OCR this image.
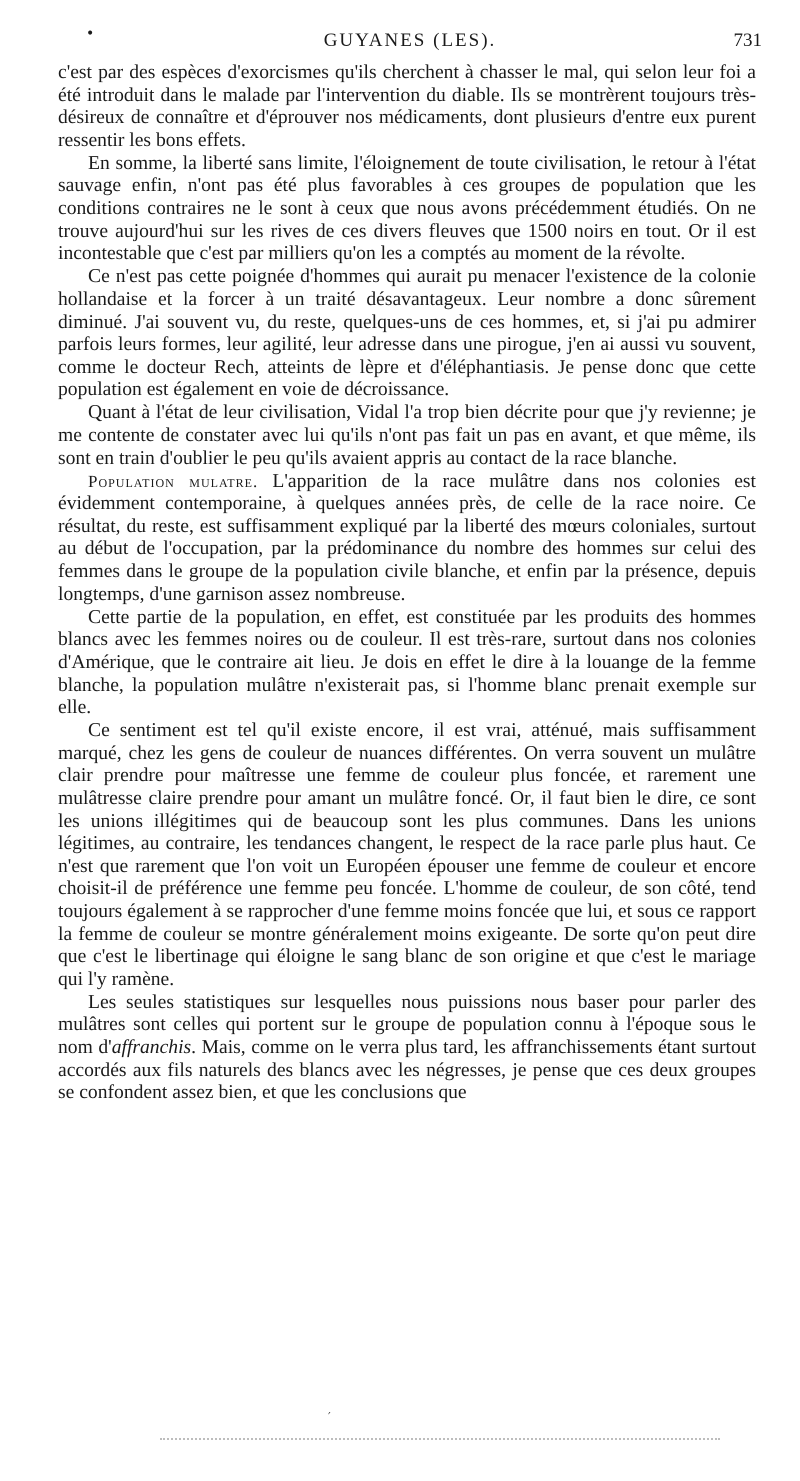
•	GUYANES (LES).	731

c'est par des espèces d'exorcismes qu'ils cherchent à chasser le mal, qui selon leur foi a été introduit dans le malade par l'intervention du diable. Ils se montrèrent toujours très-désireux de connaître et d'éprouver nos médicaments, dont plusieurs d'entre eux purent ressentir les bons effets.

En somme, la liberté sans limite, l'éloignement de toute civilisation, le retour à l'état sauvage enfin, n'ont pas été plus favorables à ces groupes de population que les conditions contraires ne le sont à ceux que nous avons précédemment étudiés. On ne trouve aujourd'hui sur les rives de ces divers fleuves que 1500 noirs en tout. Or il est incontestable que c'est par milliers qu'on les a comptés au moment de la révolte.

Ce n'est pas cette poignée d'hommes qui aurait pu menacer l'existence de la colonie hollandaise et la forcer à un traité désavantageux. Leur nombre a donc sûrement diminué. J'ai souvent vu, du reste, quelques-uns de ces hommes, et, si j'ai pu admirer parfois leurs formes, leur agilité, leur adresse dans une pirogue, j'en ai aussi vu souvent, comme le docteur Rech, atteints de lèpre et d'éléphantiasis. Je pense donc que cette population est également en voie de décroissance.

Quant à l'état de leur civilisation, Vidal l'a trop bien décrite pour que j'y revienne; je me contente de constater avec lui qu'ils n'ont pas fait un pas en avant, et que même, ils sont en train d'oublier le peu qu'ils avaient appris au contact de la race blanche.

Population mulatre. L'apparition de la race mulâtre dans nos colonies est évidemment contemporaine, à quelques années près, de celle de la race noire. Ce résultat, du reste, est suffisamment expliqué par la liberté des mœurs coloniales, surtout au début de l'occupation, par la prédominance du nombre des hommes sur celui des femmes dans le groupe de la population civile blanche, et enfin par la présence, depuis longtemps, d'une garnison assez nombreuse.

Cette partie de la population, en effet, est constituée par les produits des hommes blancs avec les femmes noires ou de couleur. Il est très-rare, surtout dans nos colonies d'Amérique, que le contraire ait lieu. Je dois en effet le dire à la louange de la femme blanche, la population mulâtre n'existerait pas, si l'homme blanc prenait exemple sur elle.

Ce sentiment est tel qu'il existe encore, il est vrai, atténué, mais suffisamment marqué, chez les gens de couleur de nuances différentes. On verra souvent un mulâtre clair prendre pour maîtresse une femme de couleur plus foncée, et rarement une mulâtresse claire prendre pour amant un mulâtre foncé. Or, il faut bien le dire, ce sont les unions illégitimes qui de beaucoup sont les plus communes. Dans les unions légitimes, au contraire, les tendances changent, le respect de la race parle plus haut. Ce n'est que rarement que l'on voit un Européen épouser une femme de couleur et encore choisit-il de préférence une femme peu foncée. L'homme de couleur, de son côté, tend toujours également à se rapprocher d'une femme moins foncée que lui, et sous ce rapport la femme de couleur se montre généralement moins exigeante. De sorte qu'on peut dire que c'est le libertinage qui éloigne le sang blanc de son origine et que c'est le mariage qui l'y ramène.

Les seules statistiques sur lesquelles nous puissions nous baser pour parler des mulâtres sont celles qui portent sur le groupe de population connu à l'époque sous le nom d'affranchis. Mais, comme on le verra plus tard, les affranchissements étant surtout accordés aux fils naturels des blancs avec les négresses, je pense que ces deux groupes se confondent assez bien, et que les conclusions que

′
